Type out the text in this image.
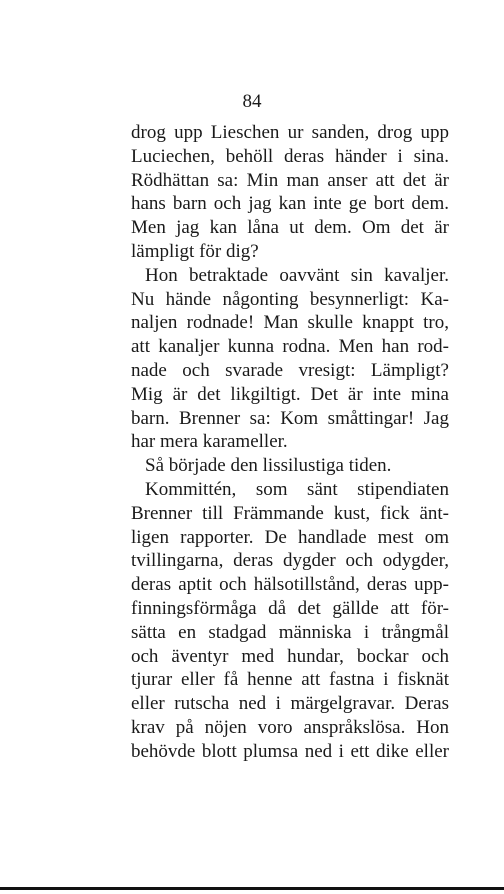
84
drog upp Lieschen ur sanden, drog upp
Luciechen, behöll deras händer i sina.
Rödhättan sa: Min man anser att det är
hans barn och jag kan inte ge bort dem.
Men jag kan låna ut dem. Om det är
lämpligt för dig?
Hon betraktade oavvänt sin kavaljer.
Nu hände någonting besynnerligt: Ka-
naljen rodnade! Man skulle knappt tro,
att kanaljer kunna rodna. Men han rod-
nade och svarade vresigt: Lämpligt?
Mig är det likgiltigt. Det är inte mina
barn. Brenner sa: Kom småttingar! Jag
har mera karameller.
Så började den lissilustiga tiden.
Kommittén, som sänt stipendiaten
Brenner till Främmande kust, fick änt-
ligen rapporter. De handlade mest om
tvillingarna, deras dygder och odygder,
deras aptit och hälsotillstånd, deras upp-
finningsförmåga då det gällde att för-
sätta en stadgad människa i trångmål
och äventyr med hundar, bockar och
tjurar eller få henne att fastna i fisknät
eller rutscha ned i märgelgravar. Deras
krav på nöjen voro anspråkslösa. Hon
behövde blott plumsa ned i ett dike eller
